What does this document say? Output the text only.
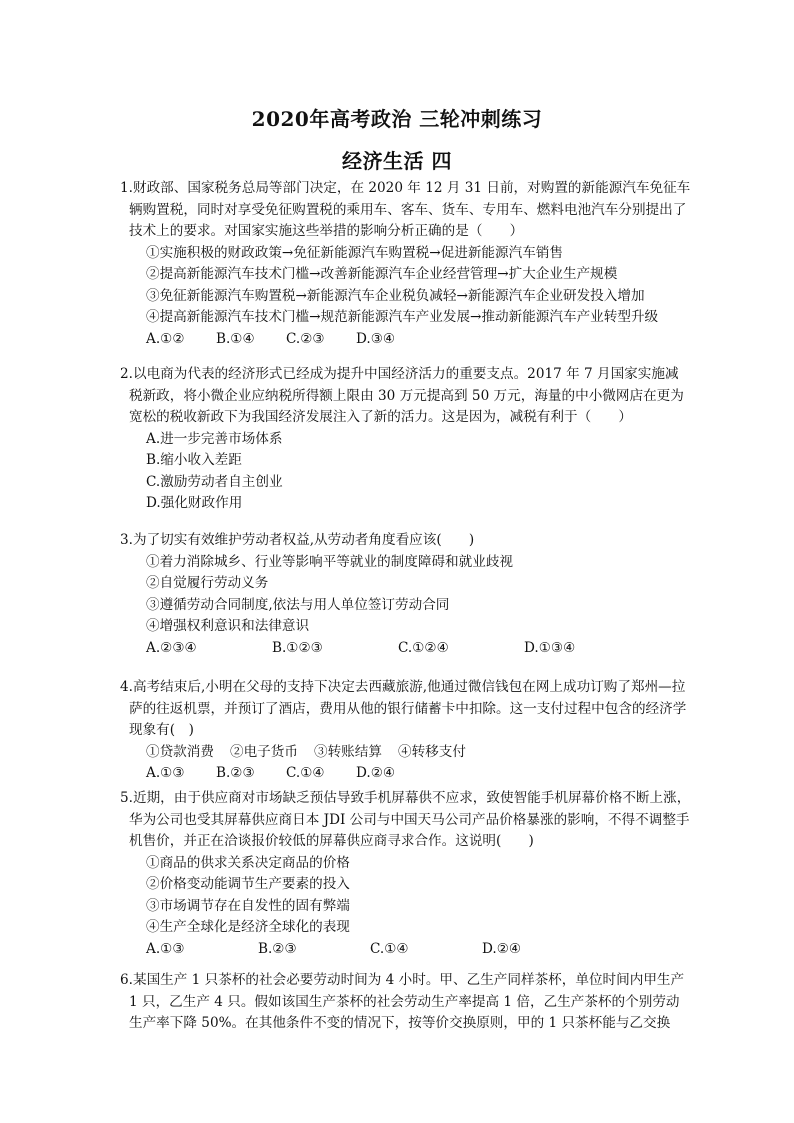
2020年高考政治 三轮冲刺练习
经济生活 四
1.财政部、国家税务总局等部门决定，在 2020 年 12 月 31 日前，对购置的新能源汽车免征车辆购置税，同时对享受免征购置税的乘用车、客车、货车、专用车、燃料电池汽车分别提出了技术上的要求。对国家实施这些举措的影响分析正确的是（　　）
①实施积极的财政政策→免征新能源汽车购置税→促进新能源汽车销售
②提高新能源汽车技术门槛→改善新能源汽车企业经营管理→扩大企业生产规模
③免征新能源汽车购置税→新能源汽车企业税负减轻→新能源汽车企业研发投入增加
④提高新能源汽车技术门槛→规范新能源汽车产业发展→推动新能源汽车产业转型升级
A.①②	B.①④	C.②③	D.③④
2.以电商为代表的经济形式已经成为提升中国经济活力的重要支点。2017 年 7 月国家实施减税新政，将小微企业应纳税所得额上限由 30 万元提高到 50 万元，海量的中小微网店在更为宽松的税收新政下为我国经济发展注入了新的活力。这是因为，减税有利于（　　）
A.进一步完善市场体系
B.缩小收入差距
C.激励劳动者自主创业
D.强化财政作用
3.为了切实有效维护劳动者权益,从劳动者角度看应该(　　)
①着力消除城乡、行业等影响平等就业的制度障碍和就业歧视
②自觉履行劳动义务
③遵循劳动合同制度,依法与用人单位签订劳动合同
④增强权利意识和法律意识
A.②③④	B.①②③	C.①②④	D.①③④
4.高考结束后,小明在父母的支持下决定去西藏旅游,他通过微信钱包在网上成功订购了郑州—拉萨的往返机票，并预订了酒店，费用从他的银行储蓄卡中扣除。这一支付过程中包含的经济学现象有(　)
①贷款消费	②电子货币	③转账结算	④转移支付
A.①③	B.②③	C.①④	D.②④
5.近期，由于供应商对市场缺乏预估导致手机屏幕供不应求，致使智能手机屏幕价格不断上涨，华为公司也受其屏幕供应商日本 JDI 公司与中国天马公司产品价格暴涨的影响，不得不调整手机售价，并正在洽谈报价较低的屏幕供应商寻求合作。这说明(　　)
①商品的供求关系决定商品的价格
②价格变动能调节生产要素的投入
③市场调节存在自发性的固有弊端
④生产全球化是经济全球化的表现
A.①③	B.②③	C.①④	D.②④
6.某国生产 1 只茶杯的社会必要劳动时间为 4 小时。甲、乙生产同样茶杯，单位时间内甲生产 1 只，乙生产 4 只。假如该国生产茶杯的社会劳动生产率提高 1 倍，乙生产茶杯的个别劳动生产率下降 50%。在其他条件不变的情况下，按等价交换原则，甲的 1 只茶杯能与乙交换
